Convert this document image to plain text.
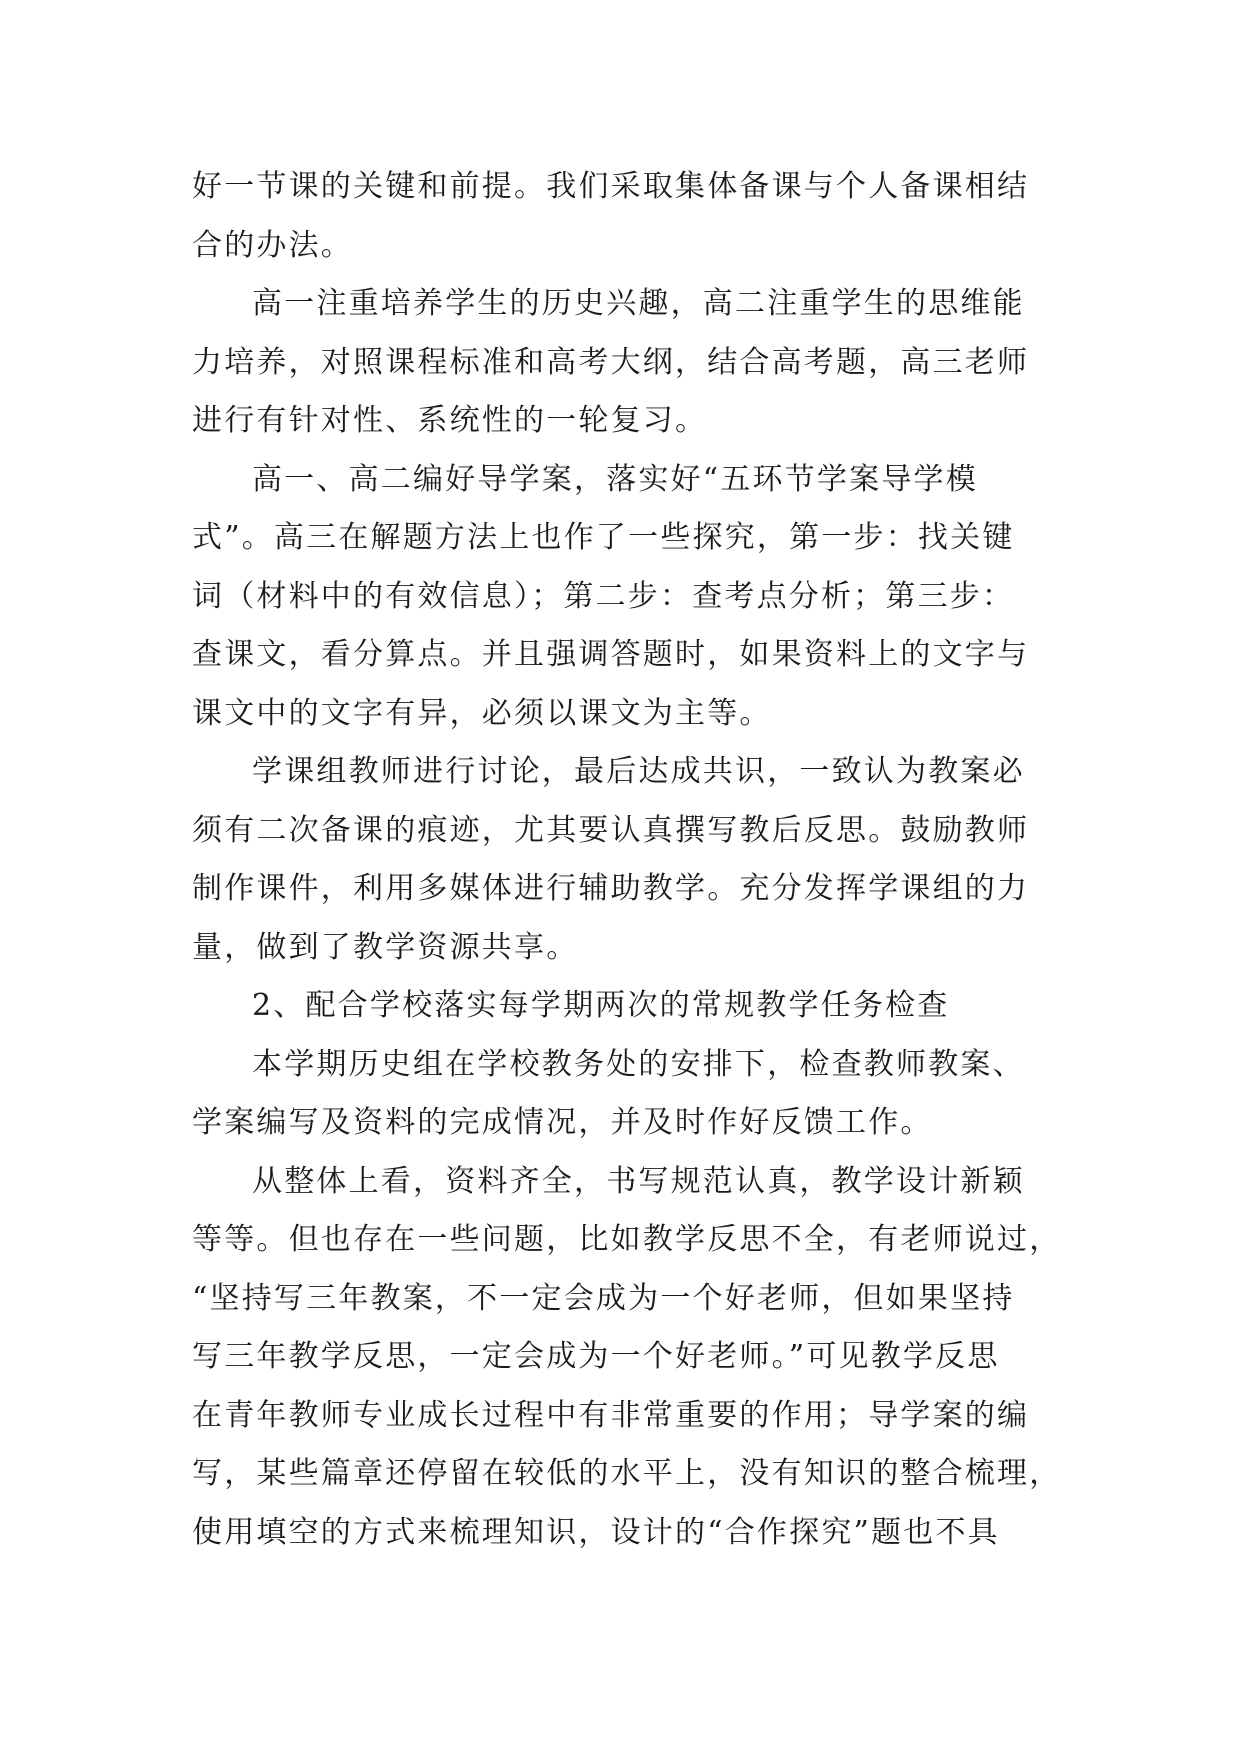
好一节课的关键和前提。我们采取集体备课与个人备课相结
合的办法。
高一注重培养学生的历史兴趣，高二注重学生的思维能
力培养，对照课程标准和高考大纲，结合高考题，高三老师
进行有针对性、系统性的一轮复习。
高一、高二编好导学案，落实好“五环节学案导学模
式”。高三在解题方法上也作了一些探究，第一步：找关键
词（材料中的有效信息）；第二步：查考点分析；第三步：
查课文，看分算点。并且强调答题时，如果资料上的文字与
课文中的文字有异，必须以课文为主等。
学课组教师进行讨论，最后达成共识，一致认为教案必
须有二次备课的痕迹，尤其要认真撰写教后反思。鼓励教师
制作课件，利用多媒体进行辅助教学。充分发挥学课组的力
量，做到了教学资源共享。
2、配合学校落实每学期两次的常规教学任务检查
本学期历史组在学校教务处的安排下，检查教师教案、
学案编写及资料的完成情况，并及时作好反馈工作。
从整体上看，资料齐全，书写规范认真，教学设计新颖
等等。但也存在一些问题，比如教学反思不全，有老师说过，
“坚持写三年教案，不一定会成为一个好老师，但如果坚持
写三年教学反思，一定会成为一个好老师。”可见教学反思
在青年教师专业成长过程中有非常重要的作用；导学案的编
写，某些篇章还停留在较低的水平上，没有知识的整合梳理，
使用填空的方式来梳理知识，设计的“合作探究”题也不具
